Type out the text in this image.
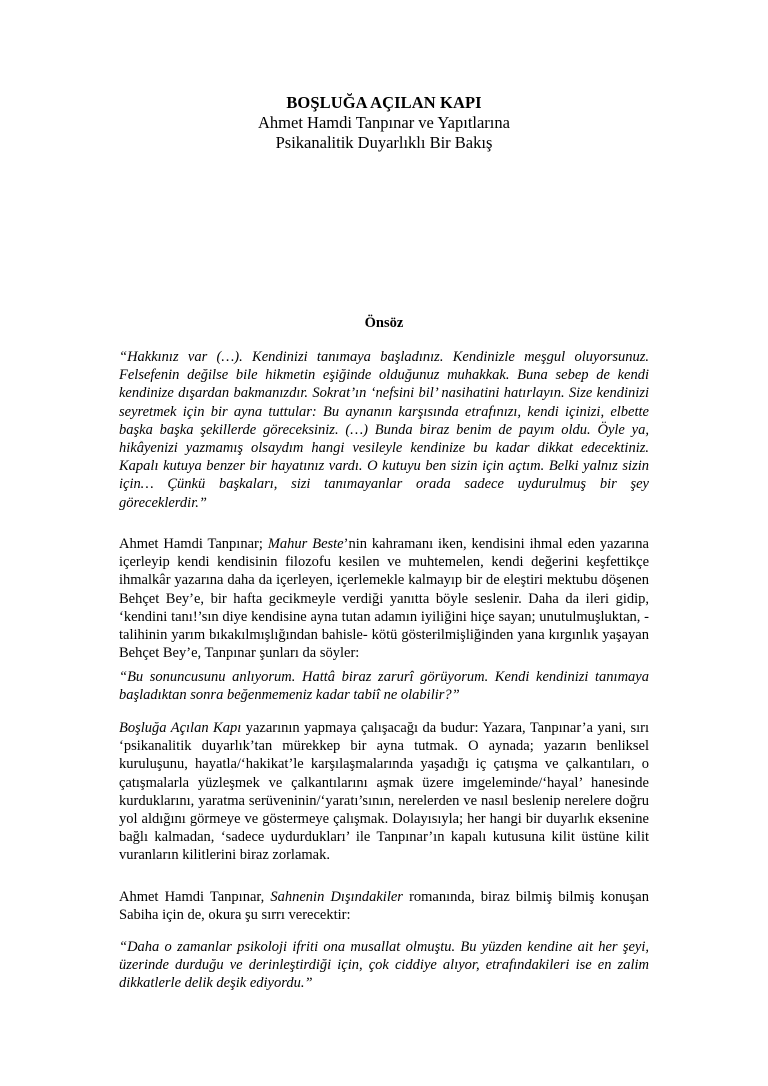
BOŞLUĞA AÇILAN KAPI
Ahmet Hamdi Tanpınar ve Yapıtlarına
Psikanalitik Duyarlıklı Bir Bakış
Önsöz

“Hakkınız var (…). Kendinizi tanımaya başladınız. Kendinizle meşgul oluyorsunuz. Felsefenin değilse bile hikmetin eşiğinde olduğunuz muhakkak. Buna sebep de kendi kendinize dışardan bakmanızdır. Sokrat’ın ‘nefsini bil’ nasihatini hatırlayın. Size kendinizi seyretmek için bir ayna tuttular: Bu aynanın karşısında etrafınızı, kendi içinizi, elbette başka başka şekillerde göreceksiniz. (…) Bunda biraz benim de payım oldu. Öyle ya, hikâyenizi yazmamış olsaydım hangi vesileyle kendinize bu kadar dikkat edecektiniz. Kapalı kutuya benzer bir hayatınız vardı. O kutuyu ben sizin için açtım. Belki yalnız sizin için… Çünkü başkaları, sizi tanımayanlar orada sadece uydurulmuş bir şey göreceklerdir.”

Ahmet Hamdi Tanpınar; Mahur Beste’nin kahramanı iken, kendisini ihmal eden yazarına içerleyip kendi kendisinin filozofu kesilen ve muhtemelen, kendi değerini keşfettikçe ihmalkâr yazarına daha da içerleyen, içerlemekle kalmayıp bir de eleştiri mektubu döşenen Behçet Bey’e, bir hafta gecikmeyle verdiği yanıtta böyle seslenir. Daha da ileri gidip, ‘kendini tanı!’sın diye kendisine ayna tutan adamın iyiliğini hiçe sayan; unutulmuşluktan, -talihinin yarım bıkakılmışlığından bahisle- kötü gösterilmişliğinden yana kırgınlık yaşayan Behçet Bey’e, Tanpınar şunları da söyler:

“Bu sonuncusunu anlıyorum. Hattâ biraz zarurî görüyorum. Kendi kendinizi tanımaya başladıktan sonra beğenmemeniz kadar tabiî ne olabilir?”

Boşluğa Açılan Kapı yazarının yapmaya çalışacağı da budur: Yazara, Tanpınar’a yani, sırı ‘psikanalitik duyarlık’tan mürekkep bir ayna tutmak. O aynada; yazarın benliksel kuruluşunu, hayatla/‘hakikat’le karşılaşmalarında yaşadığı iç çatışma ve çalkantıları, o çatışmalarla yüzleşmek ve çalkantılarını aşmak üzere imgeleminde/‘hayal’ hanesinde kurduklarını, yaratma serüveninin/‘yaratı’sının, nerelerden ve nasıl beslenip nerelere doğru yol aldığını görmeye ve göstermeye çalışmak. Dolayısıyla; her hangi bir duyarlık eksenine bağlı kalmadan, ‘sadece uydurdukları’ ile Tanpınar’ın kapalı kutusuna kilit üstüne kilit vuranların kilitlerini biraz zorlamak.

Ahmet Hamdi Tanpınar, Sahnenin Dışındakiler romanında, biraz bilmiş bilmiş konuşan Sabiha için de, okura şu sırrı verecektir:

“Daha o zamanlar psikoloji ifriti ona musallat olmuştu. Bu yüzden kendine ait her şeyi, üzerinde durduğu ve derinleştirdiği için, çok ciddiye alıyor, etrafındakileri ise en zalim dikkatlerle delik deşik ediyordu.”
